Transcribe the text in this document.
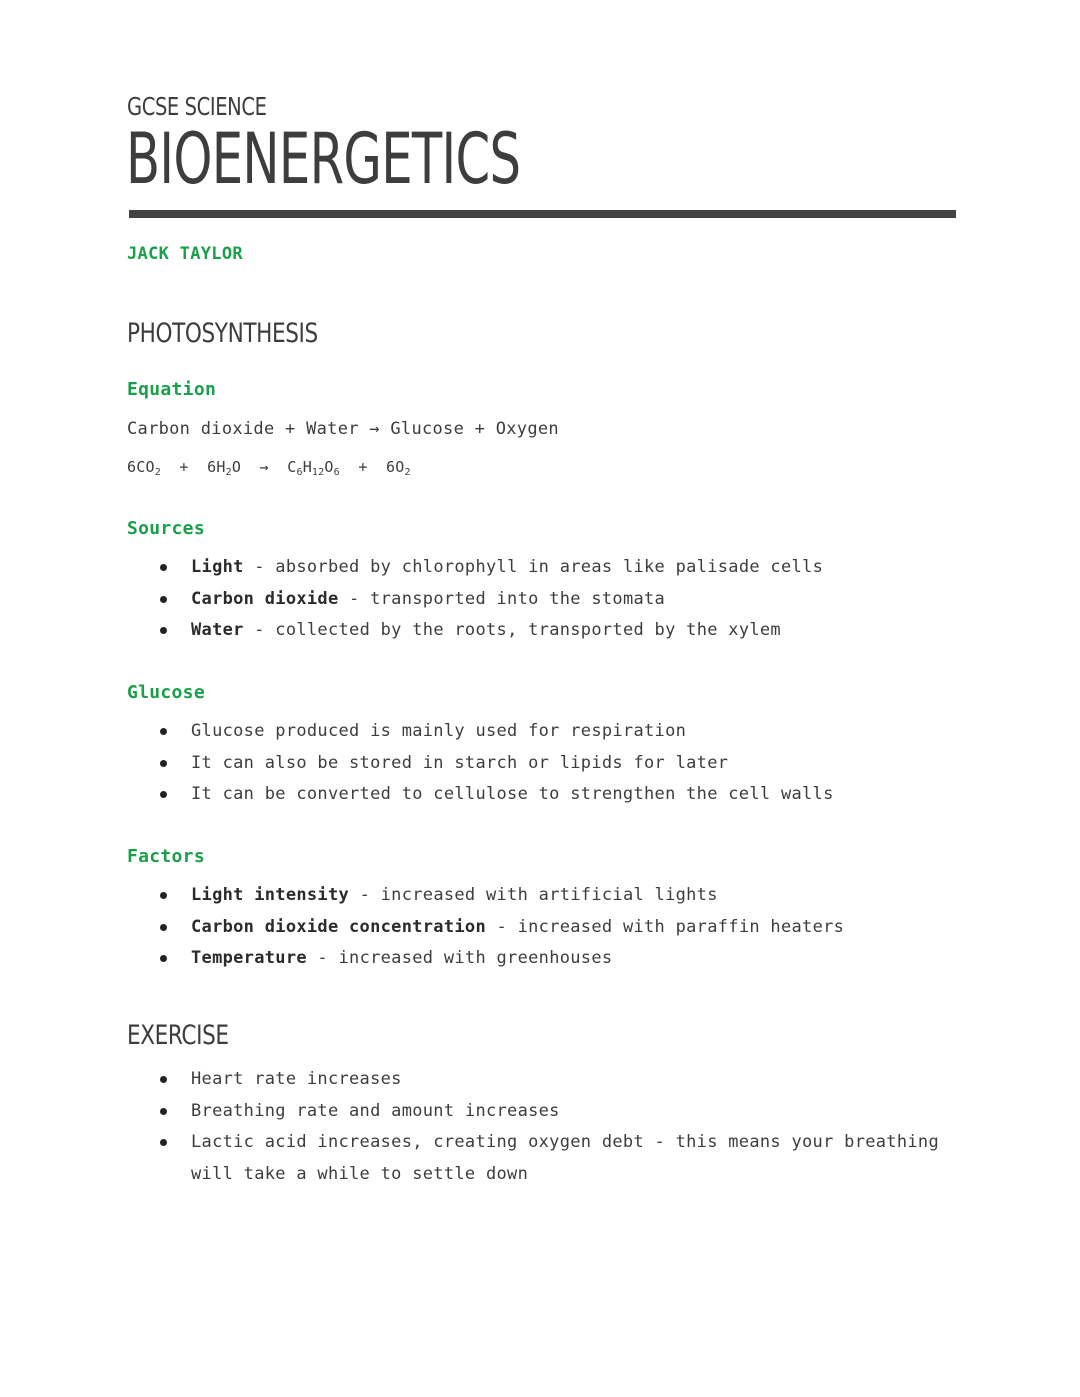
GCSE SCIENCE
BIOENERGETICS
JACK TAYLOR
PHOTOSYNTHESIS
Equation

Carbon dioxide + Water → Glucose + Oxygen

$6CO_2 + 6H_2O \to C_6H_{12}O_6 + 6O_2$

Sources
Light - absorbed by chlorophyll in areas like palisade cells
Carbon dioxide - transported into the stomata
Water - collected by the roots, transported by the xylem
Glucose
Glucose produced is mainly used for respiration
It can also be stored in starch or lipids for later
It can be converted to cellulose to strengthen the cell walls
Factors
Light intensity - increased with artificial lights
Carbon dioxide concentration - increased with paraffin heaters
Temperature - increased with greenhouses
EXERCISE
Heart rate increases
Breathing rate and amount increases
Lactic acid increases, creating oxygen debt - this means your breathing will take a while to settle down
